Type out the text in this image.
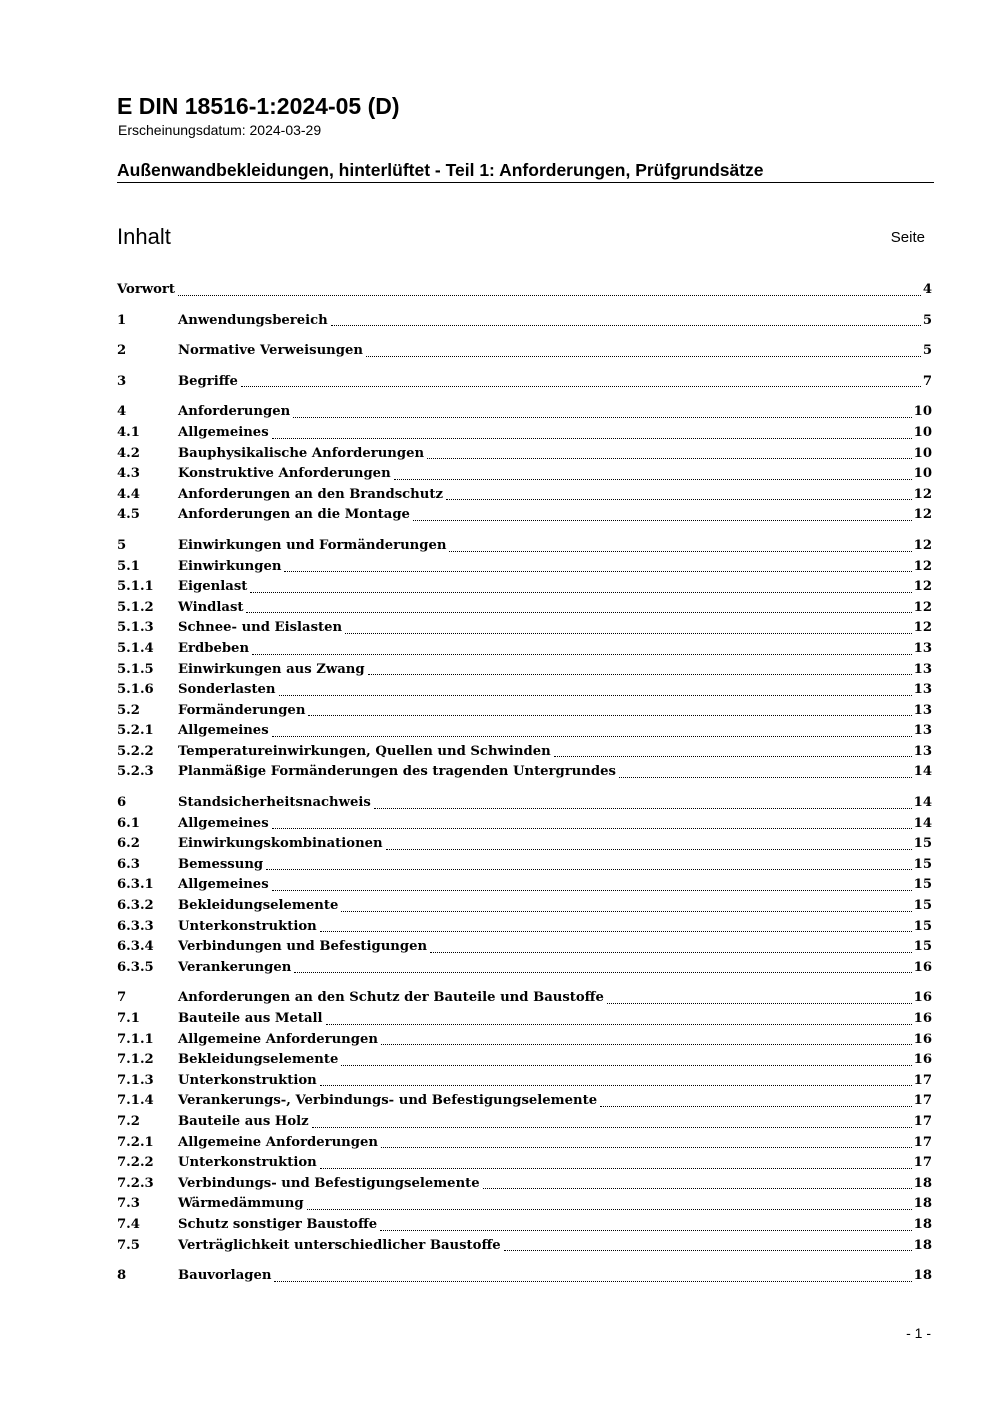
E DIN 18516-1:2024-05 (D)
Erscheinungsdatum: 2024-03-29
Außenwandbekleidungen, hinterlüftet - Teil 1: Anforderungen, Prüfgrundsätze
Inhalt	Seite
Vorwort	4
1	Anwendungsbereich	5
2	Normative Verweisungen	5
3	Begriffe	7
4	Anforderungen	10
4.1	Allgemeines	10
4.2	Bauphysikalische Anforderungen	10
4.3	Konstruktive Anforderungen	10
4.4	Anforderungen an den Brandschutz	12
4.5	Anforderungen an die Montage	12
5	Einwirkungen und Formänderungen	12
5.1	Einwirkungen	12
5.1.1	Eigenlast	12
5.1.2	Windlast	12
5.1.3	Schnee- und Eislasten	12
5.1.4	Erdbeben	13
5.1.5	Einwirkungen aus Zwang	13
5.1.6	Sonderlasten	13
5.2	Formänderungen	13
5.2.1	Allgemeines	13
5.2.2	Temperatureinwirkungen, Quellen und Schwinden	13
5.2.3	Planmäßige Formänderungen des tragenden Untergrundes	14
6	Standsicherheitsnachweis	14
6.1	Allgemeines	14
6.2	Einwirkungskombinationen	15
6.3	Bemessung	15
6.3.1	Allgemeines	15
6.3.2	Bekleidungselemente	15
6.3.3	Unterkonstruktion	15
6.3.4	Verbindungen und Befestigungen	15
6.3.5	Verankerungen	16
7	Anforderungen an den Schutz der Bauteile und Baustoffe	16
7.1	Bauteile aus Metall	16
7.1.1	Allgemeine Anforderungen	16
7.1.2	Bekleidungselemente	16
7.1.3	Unterkonstruktion	17
7.1.4	Verankerungs-, Verbindungs- und Befestigungselemente	17
7.2	Bauteile aus Holz	17
7.2.1	Allgemeine Anforderungen	17
7.2.2	Unterkonstruktion	17
7.2.3	Verbindungs- und Befestigungselemente	18
7.3	Wärmedämmung	18
7.4	Schutz sonstiger Baustoffe	18
7.5	Verträglichkeit unterschiedlicher Baustoffe	18
8	Bauvorlagen	18
- 1 -
